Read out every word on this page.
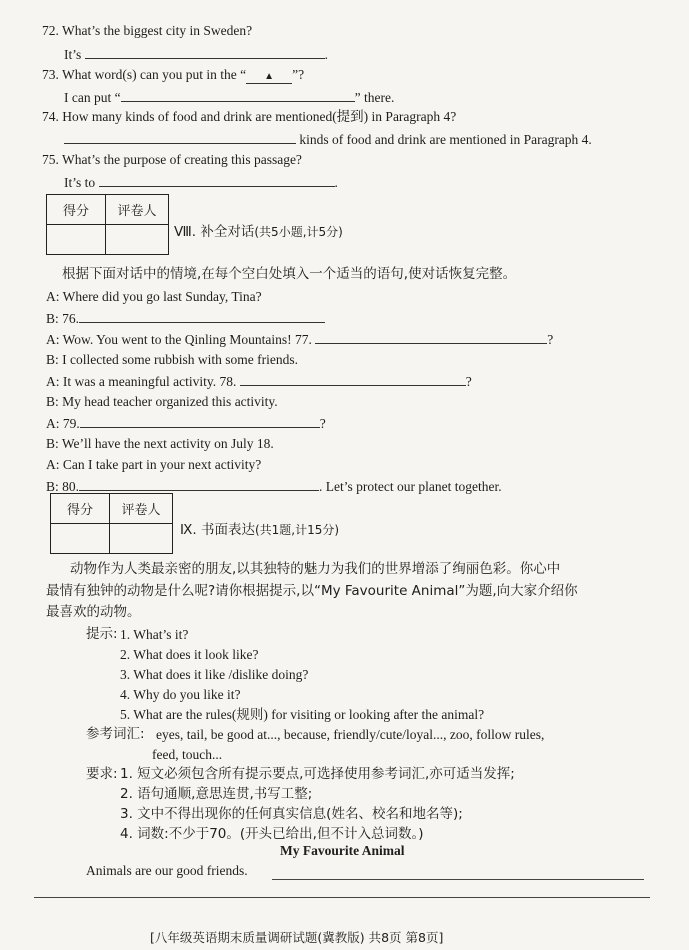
72. What’s the biggest city in Sweden?
It’s	.
73. What word(s) can you put in the “ ▲ ”?
I can put “	” there.
74. How many kinds of food and drink are mentioned(提到) in Paragraph 4?
kinds of food and drink are mentioned in Paragraph 4.
75. What’s the purpose of creating this passage?
It’s to	.
得分	评卷人

Ⅷ. 补全对话(共5小题,计5分)
根据下面对话中的情境,在每个空白处填入一个适当的语句,使对话恢复完整。
A: Where did you go last Sunday, Tina?
B: 76.
A: Wow. You went to the Qinling Mountains! 77.	?
B: I collected some rubbish with some friends.
A: It was a meaningful activity. 78.	?
B: My head teacher organized this activity.
A: 79.	?
B: We’ll have the next activity on July 18.
A: Can I take part in your next activity?
B: 80.	. Let’s protect our planet together.
得分	评卷人

Ⅸ. 书面表达(共1题,计15分)
动物作为人类最亲密的朋友,以其独特的魅力为我们的世界增添了绚丽色彩。你心中
最情有独钟的动物是什么呢?请你根据提示,以“My Favourite Animal”为题,向大家介绍你
最喜欢的动物。
提示: 1. What’s it?
2. What does it look like?
3. What does it like /dislike doing?
4. Why do you like it?
5. What are the rules(规则) for visiting or looking after the animal?
参考词汇: eyes, tail, be good at..., because, friendly/cute/loyal..., zoo, follow rules,
feed, touch...
要求: 1. 短文必须包含所有提示要点,可选择使用参考词汇,亦可适当发挥;
2. 语句通顺,意思连贯,书写工整;
3. 文中不得出现你的任何真实信息(姓名、校名和地名等);
4. 词数:不少于70。(开头已给出,但不计入总词数。)
My Favourite Animal
Animals are our good friends.
[八年级英语期末质量调研试题(冀教版) 共8页 第8页]
